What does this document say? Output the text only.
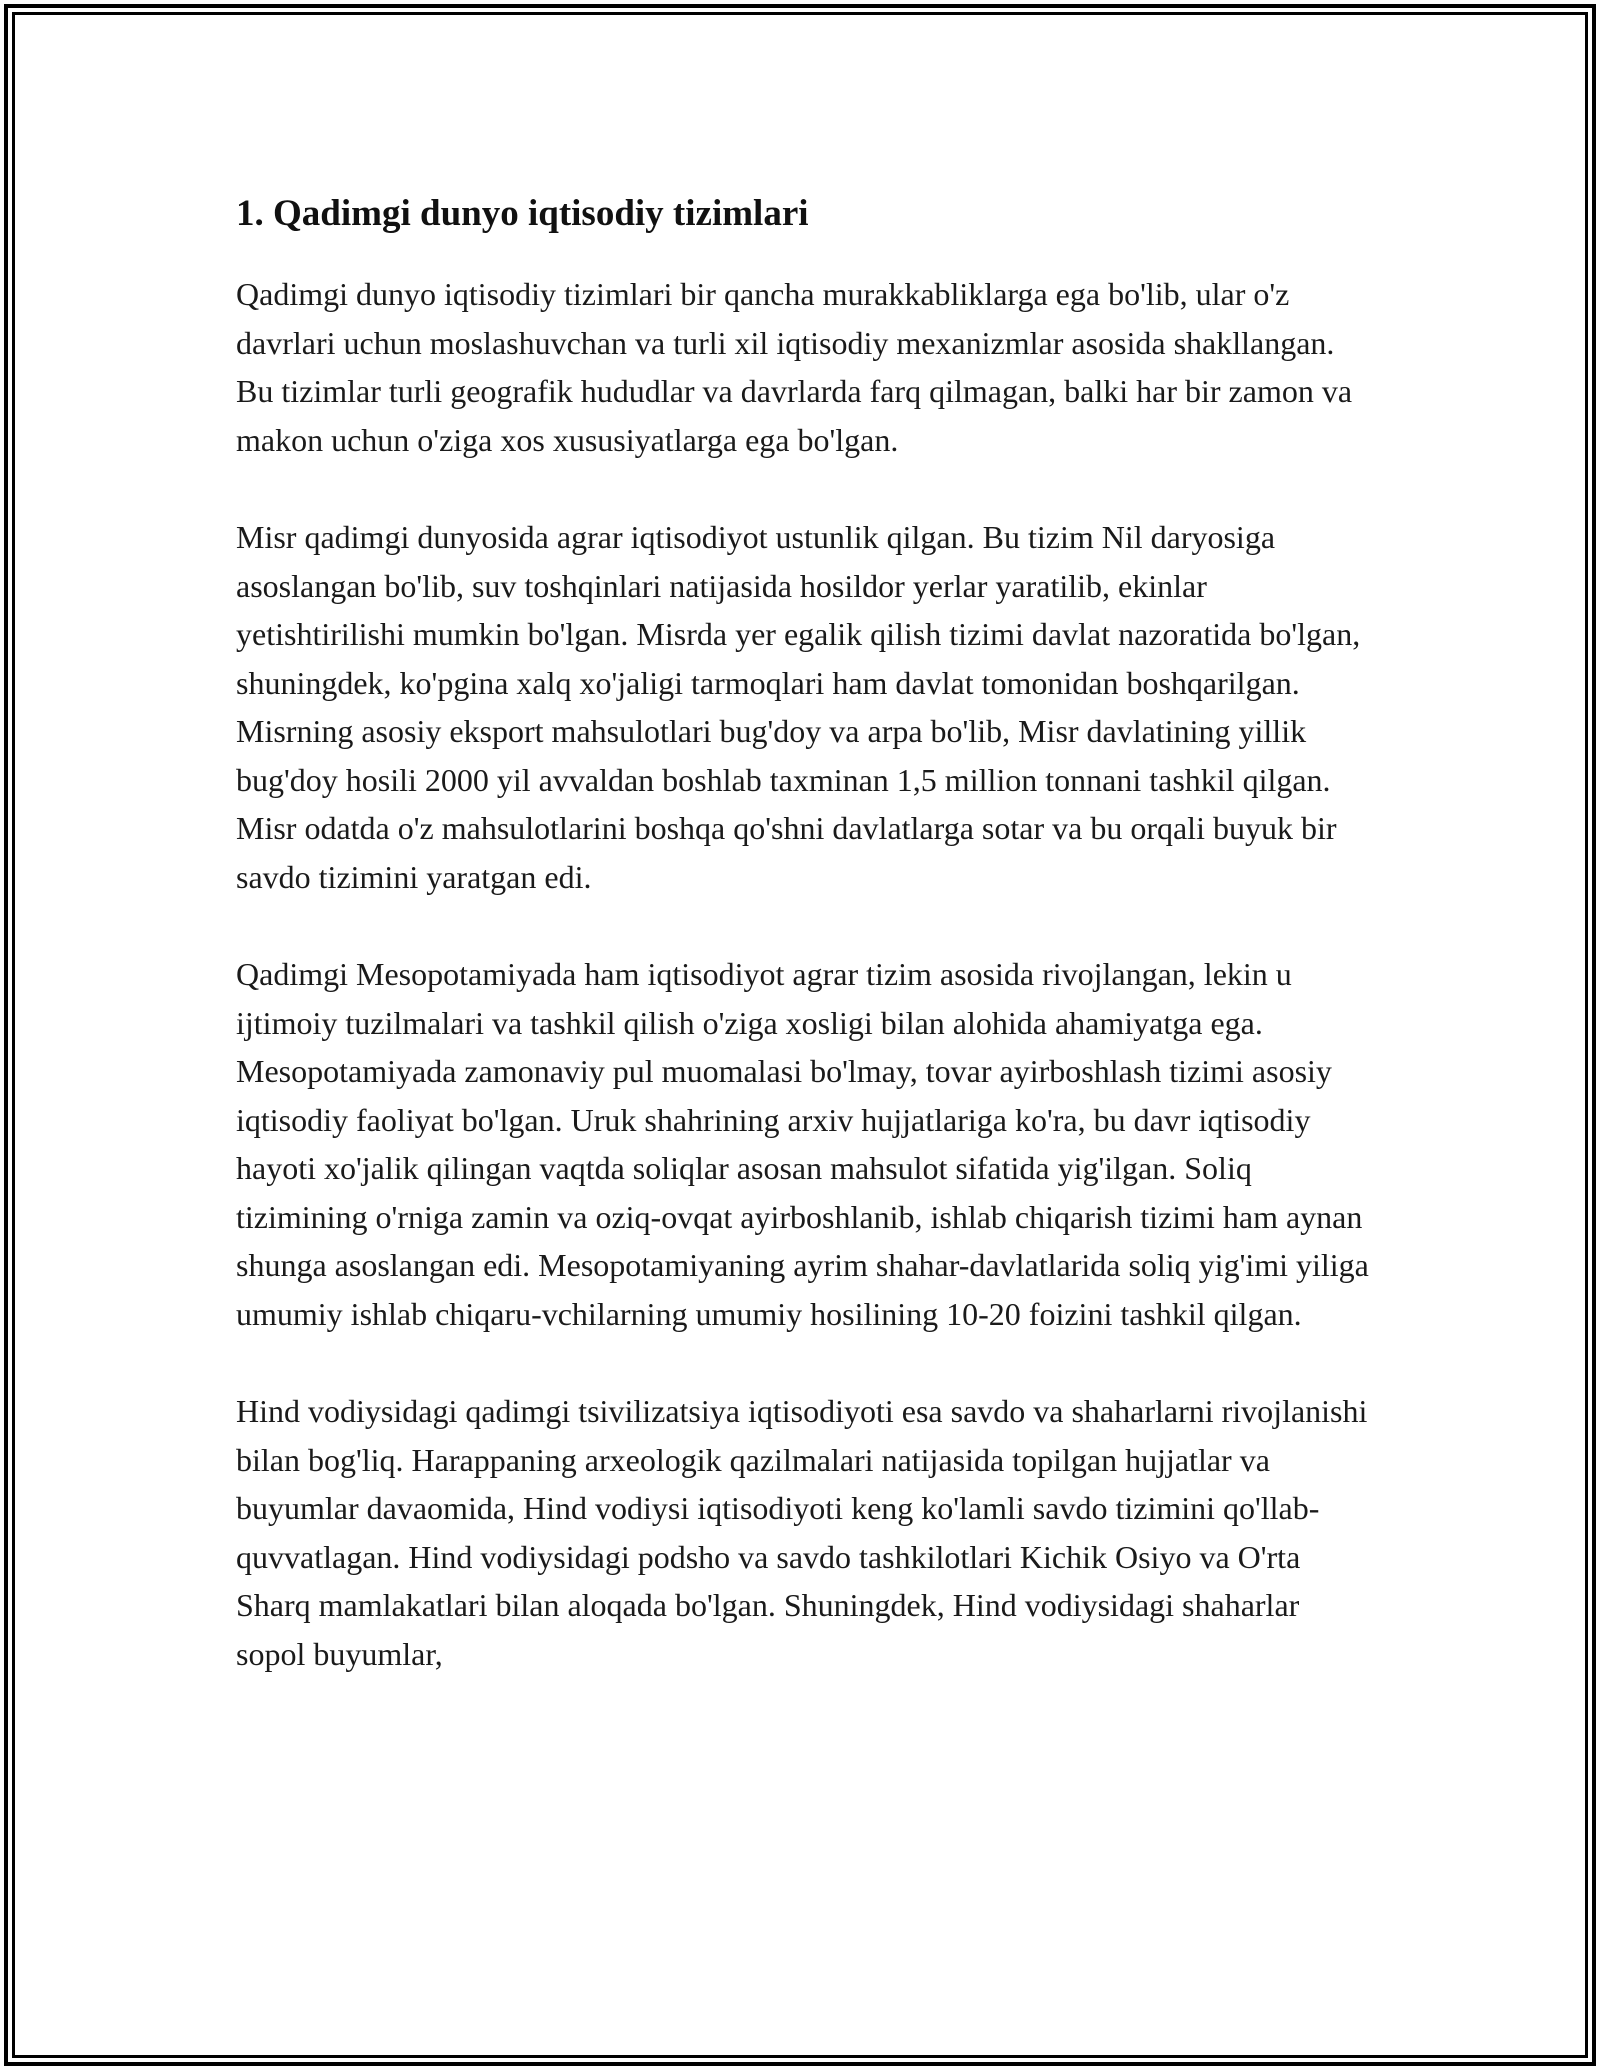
1. Qadimgi dunyo iqtisodiy tizimlari

Qadimgi dunyo iqtisodiy tizimlari bir qancha murakkabliklarga ega bo'lib, ular o'z davrlari uchun moslashuvchan va turli xil iqtisodiy mexanizmlar asosida shakllangan. Bu tizimlar turli geografik hududlar va davrlarda farq qilmagan, balki har bir zamon va makon uchun o'ziga xos xususiyatlarga ega bo'lgan.

Misr qadimgi dunyosida agrar iqtisodiyot ustunlik qilgan. Bu tizim Nil daryosiga asoslangan bo'lib, suv toshqinlari natijasida hosildor yerlar yaratilib, ekinlar yetishtirilishi mumkin bo'lgan. Misrda yer egalik qilish tizimi davlat nazoratida bo'lgan, shuningdek, ko'pgina xalq xo'jaligi tarmoqlari ham davlat tomonidan boshqarilgan. Misrning asosiy eksport mahsulotlari bug'doy va arpa bo'lib, Misr davlatining yillik bug'doy hosili 2000 yil avvaldan boshlab taxminan 1,5 million tonnani tashkil qilgan. Misr odatda o'z mahsulotlarini boshqa qo'shni davlatlarga sotar va bu orqali buyuk bir savdo tizimini yaratgan edi.

Qadimgi Mesopotamiyada ham iqtisodiyot agrar tizim asosida rivojlangan, lekin u ijtimoiy tuzilmalari va tashkil qilish o'ziga xosligi bilan alohida ahamiyatga ega. Mesopotamiyada zamonaviy pul muomalasi bo'lmay, tovar ayirboshlash tizimi asosiy iqtisodiy faoliyat bo'lgan. Uruk shahrining arxiv hujjatlariga ko'ra, bu davr iqtisodiy hayoti xo'jalik qilingan vaqtda soliqlar asosan mahsulot sifatida yig'ilgan. Soliq tizimining o'rniga zamin va oziq-ovqat ayirboshlanib, ishlab chiqarish tizimi ham aynan shunga asoslangan edi. Mesopotamiyaning ayrim shahar-davlatlarida soliq yig'imi yiliga umumiy ishlab chiqaru-vchilarning umumiy hosilining 10-20 foizini tashkil qilgan.

Hind vodiysidagi qadimgi tsivilizatsiya iqtisodiyoti esa savdo va shaharlarni rivojlanishi bilan bog'liq. Harappaning arxeologik qazilmalari natijasida topilgan hujjatlar va buyumlar davaomida, Hind vodiysi iqtisodiyoti keng ko'lamli savdo tizimini qo'llab-quvvatlagan. Hind vodiysidagi podsho va savdo tashkilotlari Kichik Osiyo va O'rta Sharq mamlakatlari bilan aloqada bo'lgan. Shuningdek, Hind vodiysidagi shaharlar sopol buyumlar,
